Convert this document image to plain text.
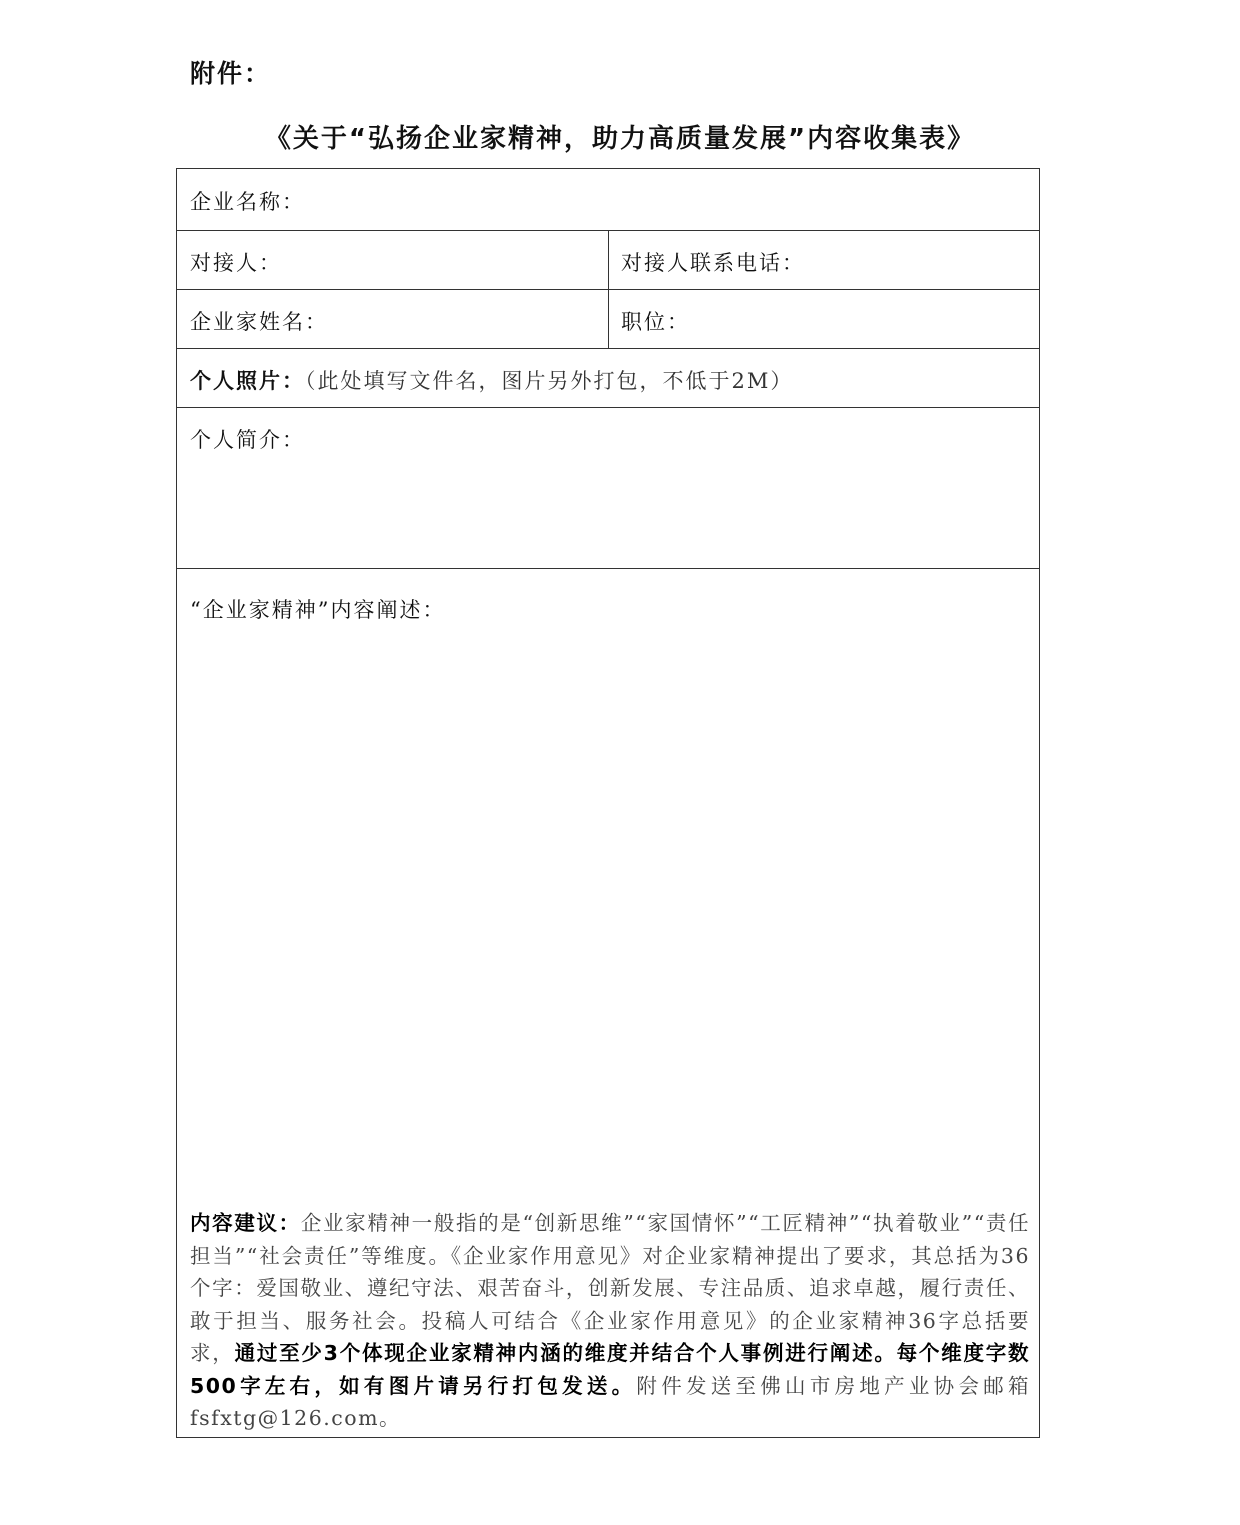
附件：
《关于“弘扬企业家精神，助力高质量发展”内容收集表》
企业名称：
对接人：	对接人联系电话：
企业家姓名：	职位：
个人照片：（此处填写文件名，图片另外打包，不低于2M）
个人简介：
“企业家精神”内容阐述：
内容建议：企业家精神一般指的是“创新思维”“家国情怀”“工匠精神”“执着敬业”“责任担当”“社会责任”等维度。《企业家作用意见》对企业家精神提出了要求，其总括为36个字：爱国敬业、遵纪守法、艰苦奋斗，创新发展、专注品质、追求卓越，履行责任、敢于担当、服务社会。投稿人可结合《企业家作用意见》的企业家精神36字总括要求，通过至少3个体现企业家精神内涵的维度并结合个人事例进行阐述。每个维度字数500字左右，如有图片请另行打包发送。附件发送至佛山市房地产业协会邮箱fsfxtg@126.com。
